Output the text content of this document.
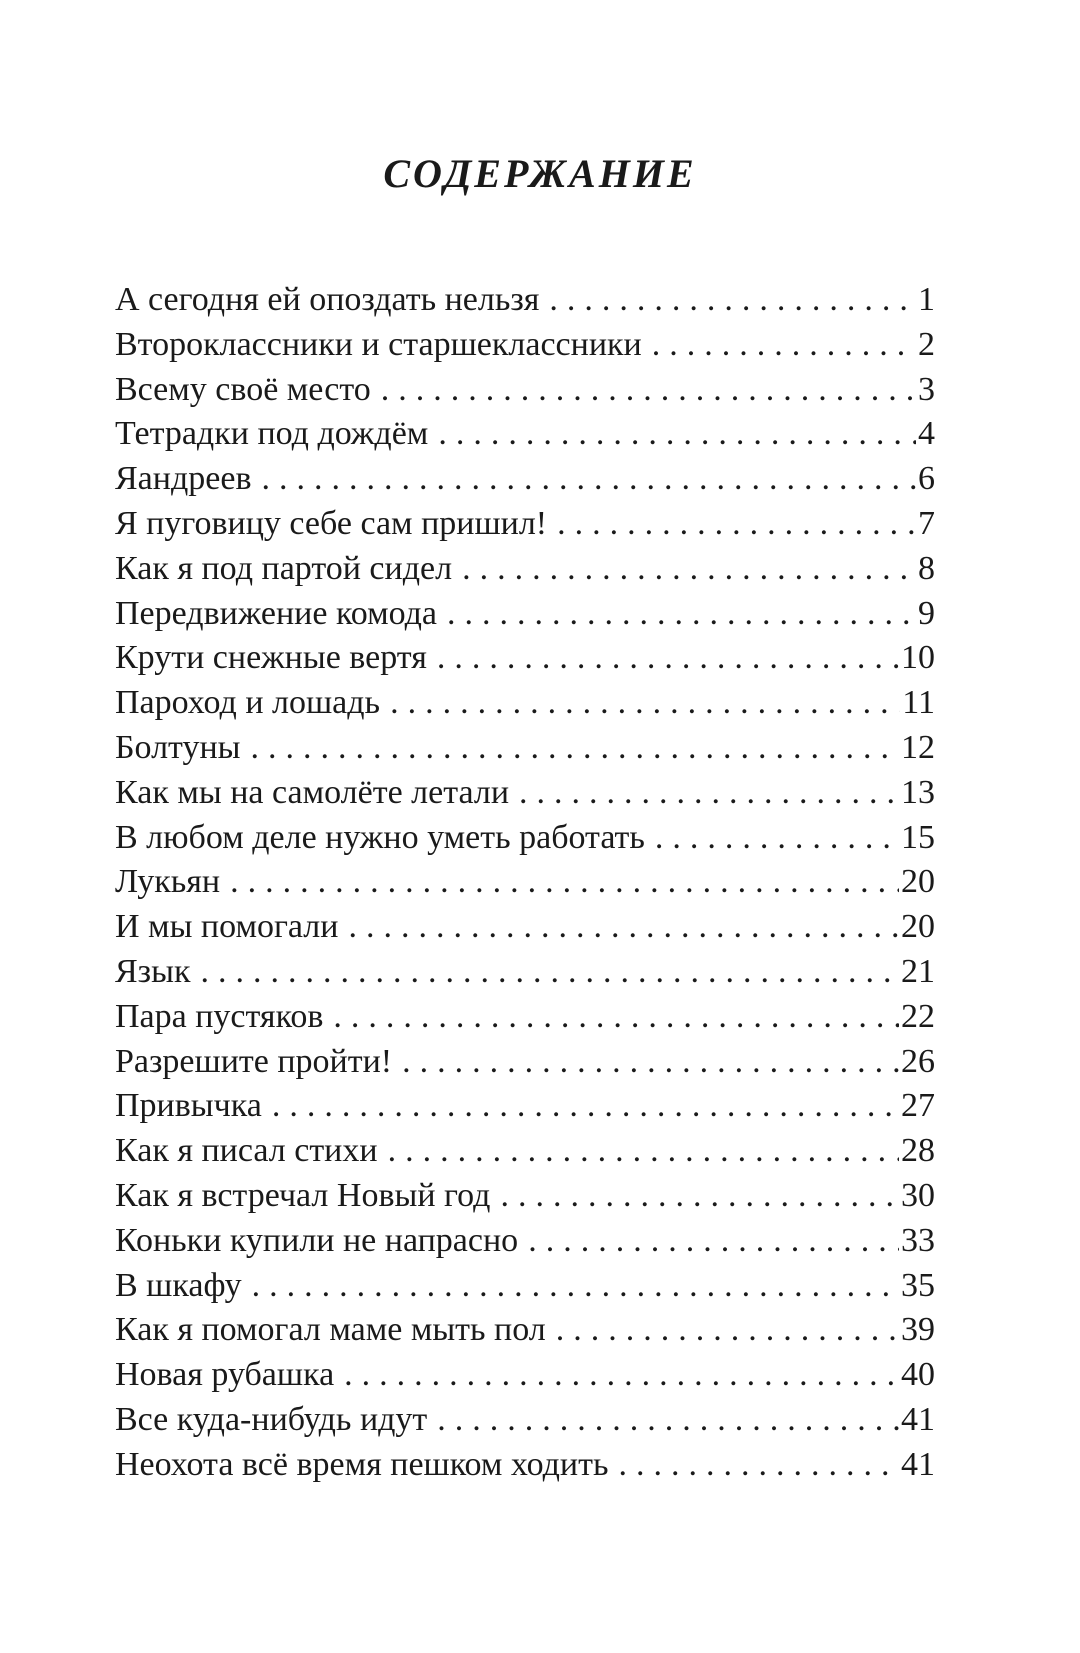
СОДЕРЖАНИЕ
А сегодня ей опоздать нельзя .....	1
Второклассники и старшеклассники .....	2
Всему своё место .....	3
Тетрадки под дождём .....	4
Яандреев .....	6
Я пуговицу себе сам пришил! .....	7
Как я под партой сидел .....	8
Передвижение комода .....	9
Крути снежные вертя .....	10
Пароход и лошадь .....	11
Болтуны .....	12
Как мы на самолёте летали .....	13
В любом деле нужно уметь работать .....	15
Лукьян .....	20
И мы помогали .....	20
Язык .....	21
Пара пустяков .....	22
Разрешите пройти! .....	26
Привычка .....	27
Как я писал стихи .....	28
Как я встречал Новый год .....	30
Коньки купили не напрасно .....	33
В шкафу .....	35
Как я помогал маме мыть пол .....	39
Новая рубашка .....	40
Все куда-нибудь идут .....	41
Неохота всё время пешком ходить .....	41
